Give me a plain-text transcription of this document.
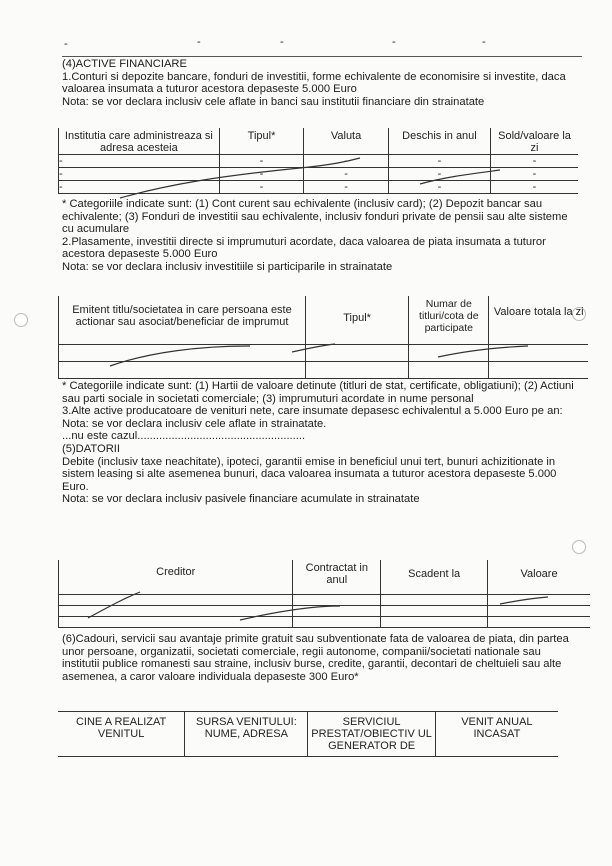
-	-	-	-	-

(4)ACTIVE FINANCIARE

1.Conturi si depozite bancare, fonduri de investitii, forme echivalente de economisire si investite, daca valoarea insumata a tuturor acestora depaseste 5.000 Euro

Nota: se vor declara inclusiv cele aflate in banci sau institutii financiare din strainatate

Institutia care administreaza si adresa acesteia	Tipul*	Valuta	Deschis in anul	Sold/valoare la zi
-	-	-	-	-
-	-	-	-	-
-	-	-	-	-

* Categoriile indicate sunt: (1) Cont curent sau echivalente (inclusiv card); (2) Depozit bancar sau echivalente; (3) Fonduri de investitii sau echivalente, inclusiv fonduri private de pensii sau alte sisteme cu acumulare

2.Plasamente, investitii directe si imprumuturi acordate, daca valoarea de piata insumata a tuturor acestora depaseste 5.000 Euro

Nota: se vor declara inclusiv investitiile si participarile in strainatate

Emitent titlu/societatea in care persoana este actionar sau asociat/beneficiar de imprumut	Tipul*	Numar de titluri/cota de participate	Valoare totala la zi

* Categoriile indicate sunt: (1) Hartii de valoare detinute (titluri de stat, certificate, obligatiuni); (2) Actiuni sau parti sociale in societati comerciale; (3) imprumuturi acordate in nume personal

3.Alte active producatoare de venituri nete, care insumate depasesc echivalentul a 5.000 Euro pe an:

Nota: se vor declara inclusiv cele aflate in strainatate.

...nu este cazul......................................................

(5)DATORII

Debite (inclusiv taxe neachitate), ipoteci, garantii emise in beneficiul unui tert, bunuri achizitionate in sistem leasing si alte asemenea bunuri, daca valoarea insumata a tuturor acestora depaseste 5.000 Euro.

Nota: se vor declara inclusiv pasivele financiare acumulate in strainatate

Creditor	Contractat in anul	Scadent la	Valoare

(6)Cadouri, servicii sau avantaje primite gratuit sau subventionate fata de valoarea de piata, din partea unor persoane, organizatii, societati comerciale, regii autonome, companii/societati nationale sau institutii publice romanesti sau straine, inclusiv burse, credite, garantii, decontari de cheltuieli sau alte asemenea, a caror valoare individuala depaseste 300 Euro*

CINE A REALIZAT VENITUL	SURSA VENITULUI: NUME, ADRESA	SERVICIUL PRESTAT/OBIECTIV UL GENERATOR DE	VENIT ANUAL INCASAT
